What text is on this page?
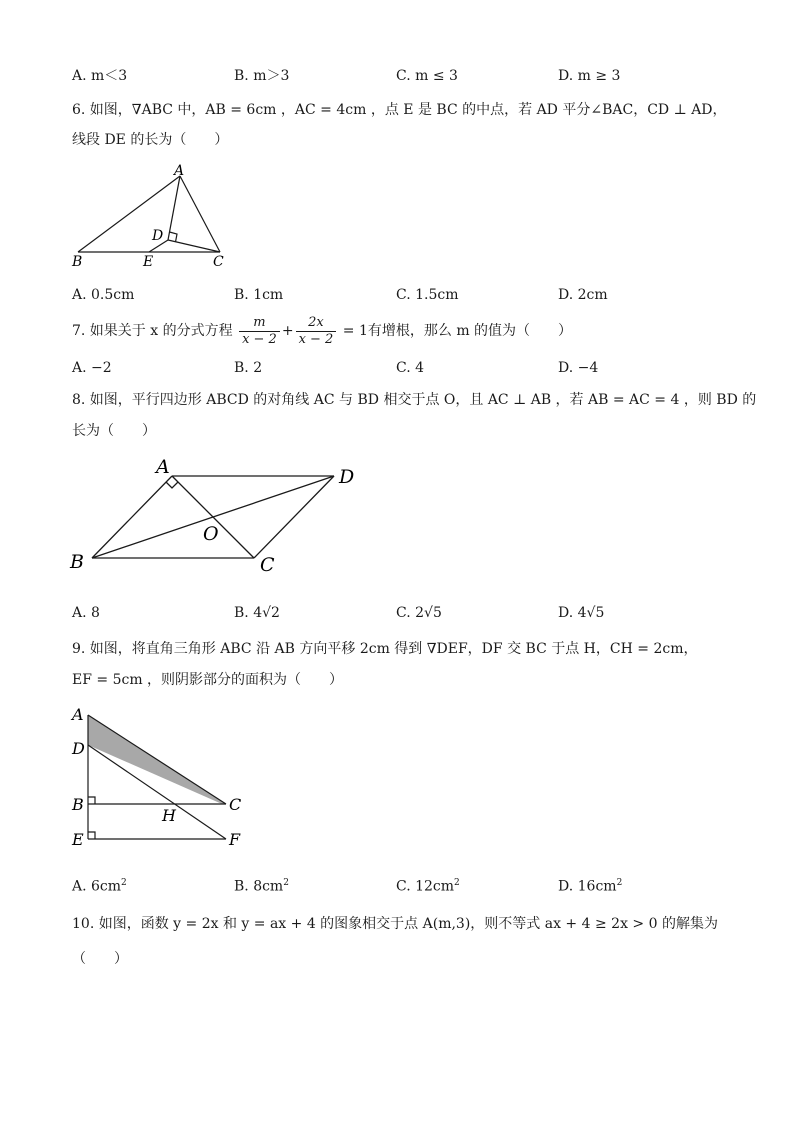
A. m＜3	B. m＞3	C. m ≤ 3	D. m ≥ 3
6. 如图，∇ABC 中，AB = 6cm ，AC = 4cm ，点 E 是 BC 的中点，若 AD 平分∠BAC，CD ⊥ AD，
线段 DE 的长为（　　）
A
B	E	C
D
A. 0.5cm	B. 1cm	C. 1.5cm	D. 2cm
7. 如果关于 x 的分式方程 $\frac{m}{x - 2} + \frac{2x}{x - 2} = 1$有增根，那么 m 的值为（　　）
A. −2	B. 2	C. 4	D. −4
8. 如图，平行四边形 ABCD 的对角线 AC 与 BD 相交于点 O，且 AC ⊥ AB ，若 AB = AC = 4 ，则 BD 的
长为（　　）
A	D
B	C
O
A. 8	B. 4√2	C. 2√5	D. 4√5
9. 如图，将直角三角形 ABC 沿 AB 方向平移 2cm 得到 ∇DEF，DF 交 BC 于点 H，CH = 2cm，
EF = 5cm ，则阴影部分的面积为（　　）
A
D
B
E
C
H
F
A. $6cm^2$	B. $8cm^2$	C. $12cm^2$	D. $16cm^2$
10. 如图，函数 y = 2x 和 y = ax + 4 的图象相交于点 A(m,3)，则不等式 ax + 4 ≥ 2x > 0 的解集为
（　　）
